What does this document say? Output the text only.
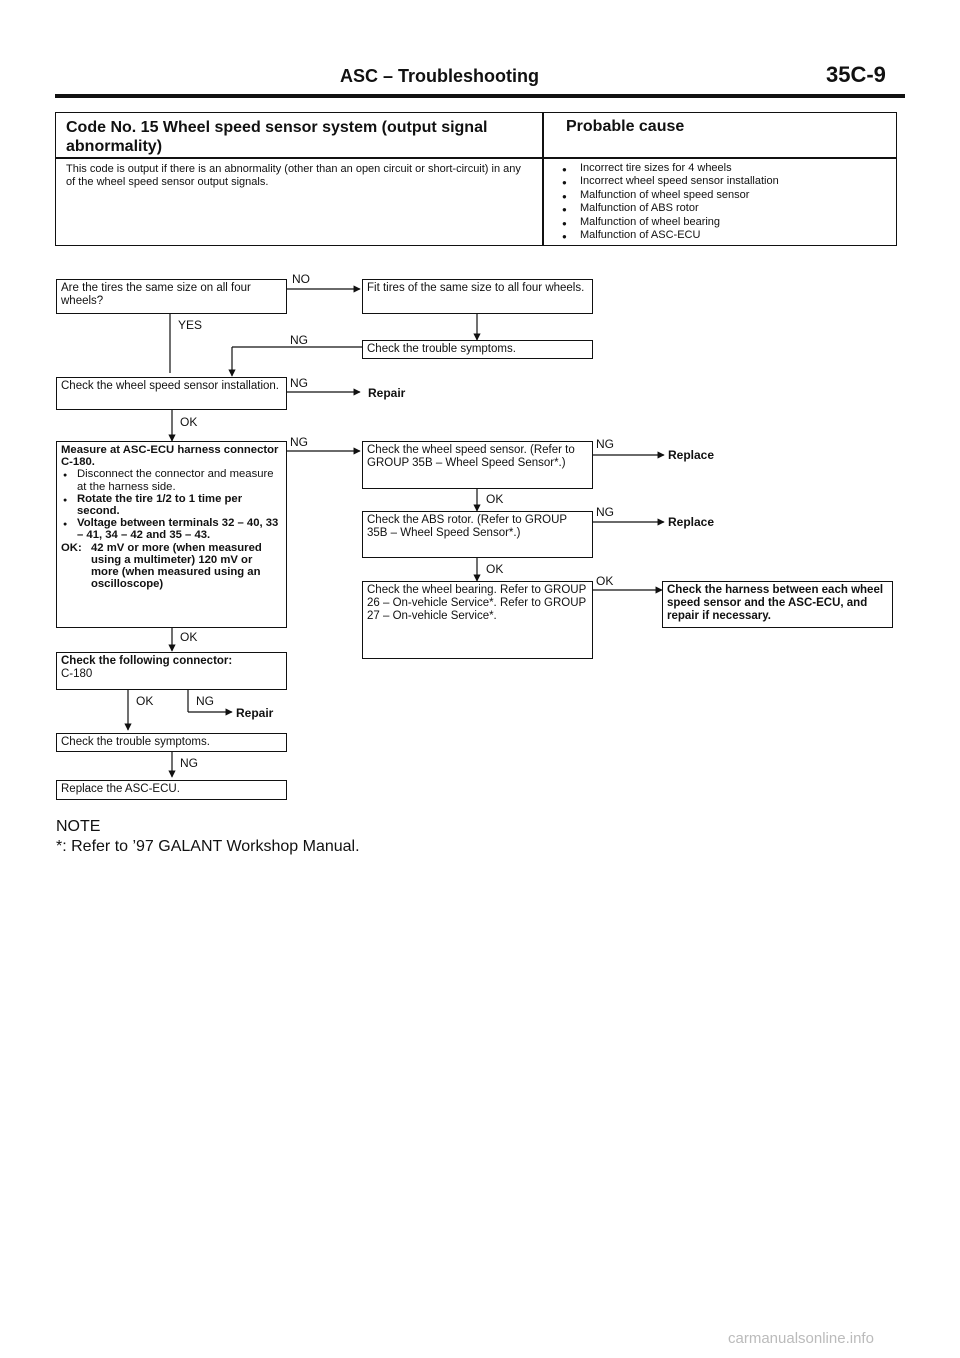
ASC – Troubleshooting	35C-9
Code No. 15 Wheel speed sensor system (output signal abnormality)
Probable cause
This code is output if there is an abnormality (other than an open circuit or short-circuit) in any of the wheel speed sensor output signals.
● Incorrect tire sizes for 4 wheels
● Incorrect wheel speed sensor installation
● Malfunction of wheel speed sensor
● Malfunction of ABS rotor
● Malfunction of wheel bearing
● Malfunction of ASC-ECU
Are the tires the same size on all four wheels?
Fit tires of the same size to all four wheels.
Check the trouble symptoms.
Check the wheel speed sensor installation.
Measure at ASC-ECU harness connector C-180.
● Disconnect the connector and measure at the harness side.
● Rotate the tire 1/2 to 1 time per second.
● Voltage between terminals 32 – 40, 33 – 41, 34 – 42 and 35 – 43.
OK: 42 mV or more (when measured using a multimeter) 120 mV or more (when measured using an oscilloscope)
Check the wheel speed sensor. (Refer to GROUP 35B – Wheel Speed Sensor*.)
Check the ABS rotor. (Refer to GROUP 35B – Wheel Speed Sensor*.)
Check the wheel bearing. Refer to GROUP 26 – On-vehicle Service*. Refer to GROUP 27 – On-vehicle Service*.
Check the harness between each wheel speed sensor and the ASC-ECU, and repair if necessary.
Check the following connector:
C-180
Check the trouble symptoms.
Replace the ASC-ECU.
Repair
Replace
Replace
Repair
NO
YES
NG
NG
OK
NG	NG
OK
NG
OK
OK
OK
OK	NG
NG
NOTE
*: Refer to ’97 GALANT Workshop Manual.
carmanualsonline.info
